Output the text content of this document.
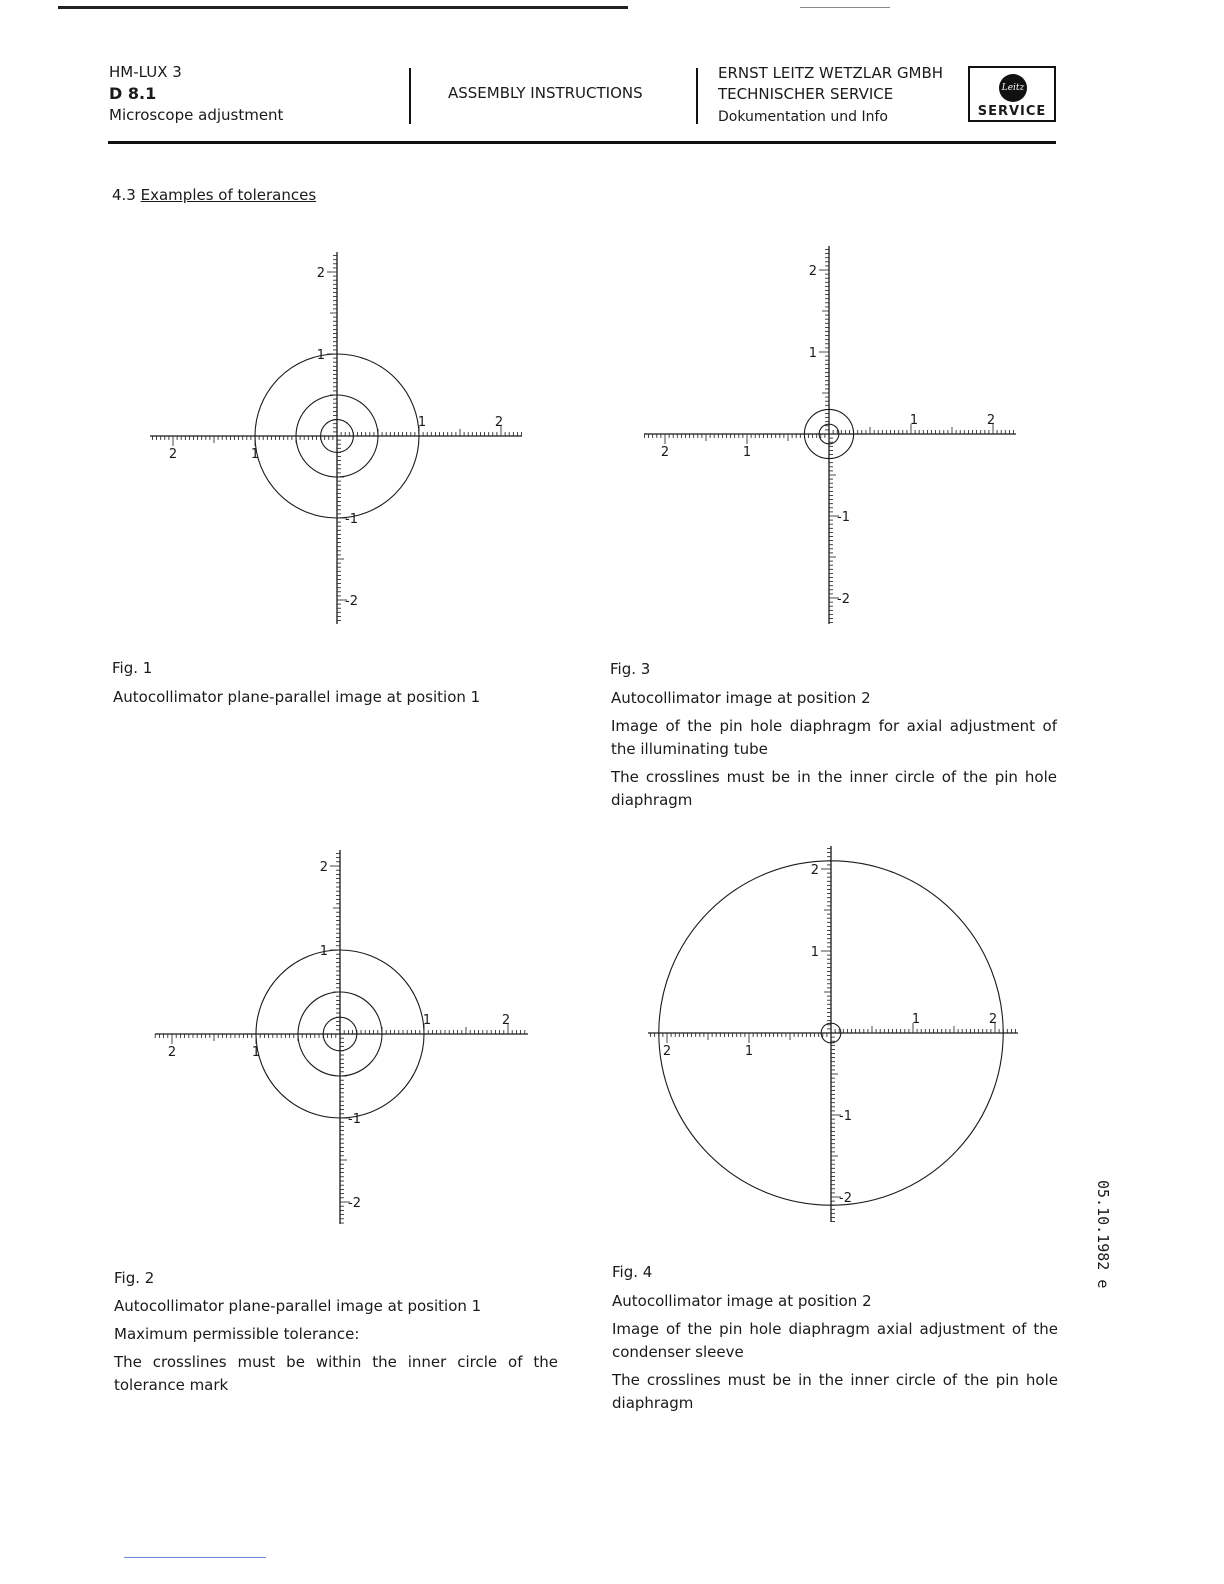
HM-LUX 3
D 8.1
Microscope adjustment
ASSEMBLY INSTRUCTIONS
ERNST LEITZ WETZLAR GMBH
TECHNISCHER SERVICE
Dokumentation und Info
Leitz
SERVICE
4.3 Examples of tolerances
1	2
1
2
2
1
-1
-2
1	2
1
2
2
1
-1
-2
1	2
1
2
2
1
-1
-2
1	2
1
2
2
1
-1
-2
Fig. 1

Autocollimator plane-parallel image at position 1

Fig. 3

Autocollimator image at position 2

Image of the pin hole diaphragm for axial adjustment of the illuminating tube

The crosslines must be in the inner circle of the pin hole diaphragm

Fig. 2

Autocollimator plane-parallel image at position 1

Maximum permissible tolerance:

The crosslines must be within the inner circle of the tolerance mark

Fig. 4

Autocollimator image at position 2

Image of the pin hole diaphragm axial adjustment of the condenser sleeve

The crosslines must be in the inner circle of the pin hole diaphragm

05.10.1982 e
